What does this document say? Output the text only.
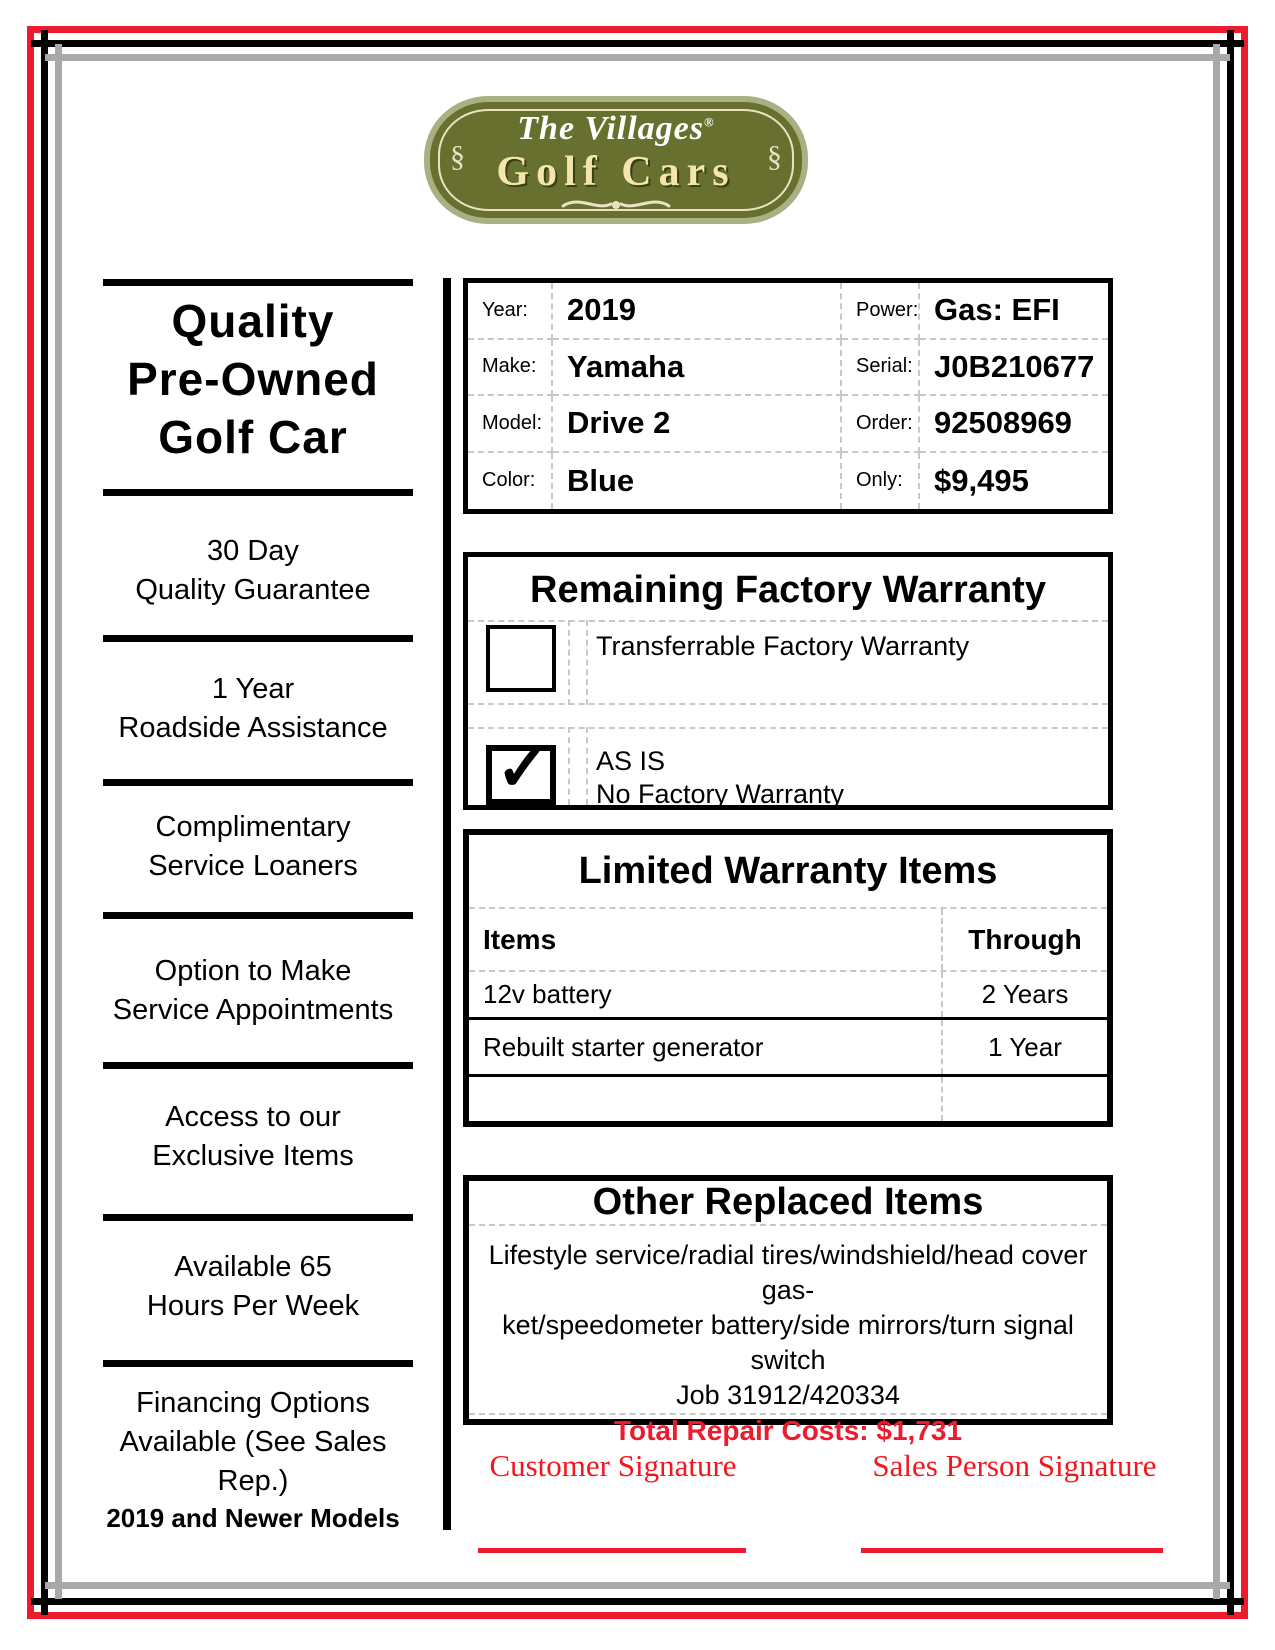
§	§
The Villages®
Golf Cars
Quality
Pre-Owned
Golf Car
30 Day
Quality Guarantee
1 Year
Roadside Assistance
Complimentary
Service Loaners
Option to Make
Service Appointments
Access to our
Exclusive Items
Available 65
Hours Per Week
Financing Options
Available (See Sales Rep.)
2019 and Newer Models
Year:	2019	Power: Gas: EFI
Make: Yamaha	Serial: J0B210677
Model: Drive 2	Order: 92508969
Color:	Blue	Only:	$9,495
Remaining Factory Warranty
Transferrable Factory Warranty
✓ AS IS
No Factory Warranty
Limited Warranty Items
Items	Through
12v battery	2 Years
Rebuilt starter generator	1 Year
Other Replaced Items
Lifestyle service/radial tires/windshield/head cover gas-
ket/speedometer battery/side mirrors/turn signal switch
Job 31912/420334
Total Repair Costs: $1,731
Customer Signature	Sales Person Signature
